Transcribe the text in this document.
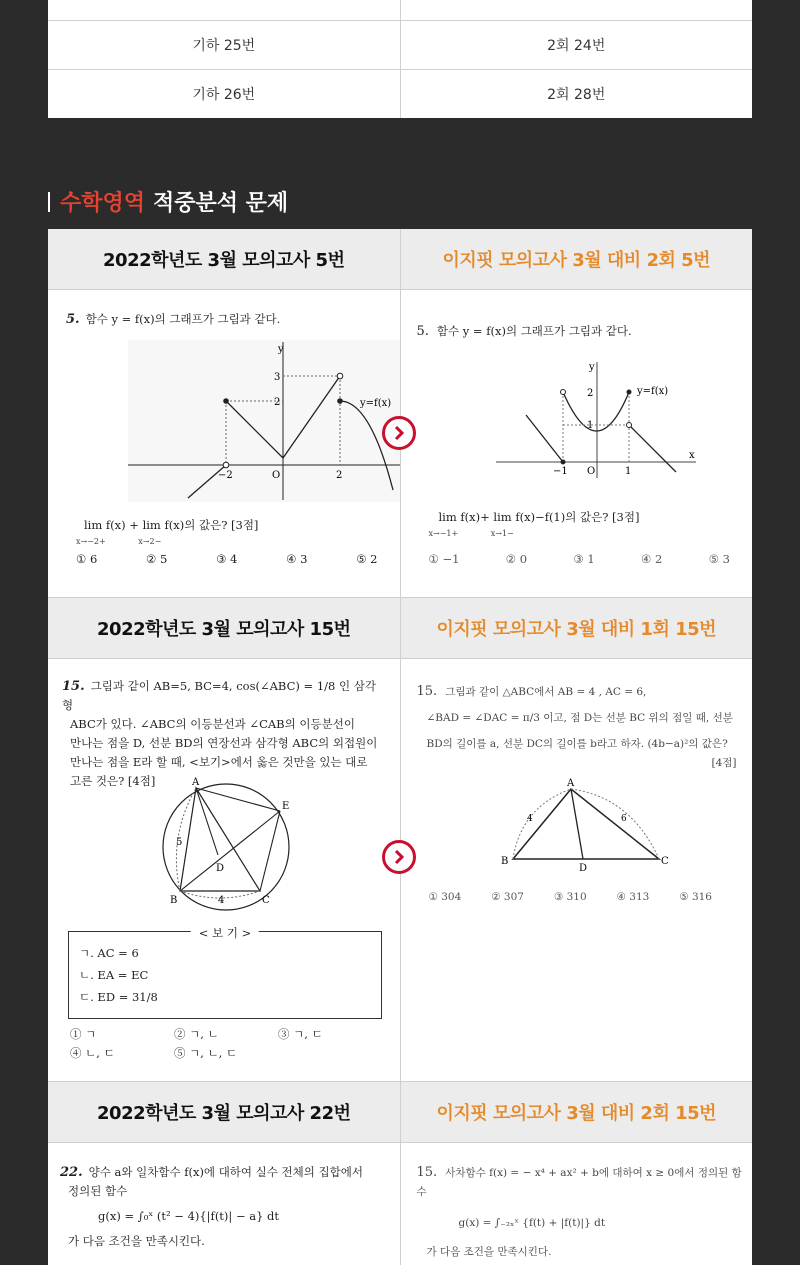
기하 25번	2회 24번
기하 26번	2회 28번
수학영역 적중분석 문제
2022학년도 3월 모의고사 5번	이지핏 모의고사 3월 대비 2회 5번
5. 함수 y = f(x)의 그래프가 그림과 같다.
y
x
3
2
−2	O	2
y=f(x)
lim f(x) + lim f(x)의 값은? [3점]
x→−2+	x→2−
① 6	② 5	③ 4	④ 3	⑤ 2
5. 함수 y = f(x)의 그래프가 그림과 같다.
y
x
2
1
−1 O	1
y=f(x)
lim f(x)+ lim f(x)−f(1)의 값은? [3점]
x→−1+	x→1−
① −1	② 0	③ 1	④ 2	⑤ 3
2022학년도 3월 모의고사 15번	이지핏 모의고사 3월 대비 1회 15번
15. 그림과 같이 AB=5, BC=4, cos(∠ABC) = 1/8 인 삼각형
ABC가 있다. ∠ABC의 이등분선과 ∠CAB의 이등분선이
만나는 점을 D, 선분 BD의 연장선과 삼각형 ABC의 외접원이
만나는 점을 E라 할 때, <보기>에서 옳은 것만을 있는 대로
고른 것은? [4점]	A
E
5
D
B	4	C
< 보 기 >
ㄱ. AC = 6
ㄴ. EA = EC
ㄷ. ED = 31/8
① ㄱ	② ㄱ, ㄴ	③ ㄱ, ㄷ
④ ㄴ, ㄷ	⑤ ㄱ, ㄴ, ㄷ
15. 그림과 같이 △ABC에서 AB = 4 , AC = 6,
∠BAD = ∠DAC = π/3 이고, 점 D는 선분 BC 위의 점일 때, 선분
BD의 길이를 a, 선분 DC의 길이를 b라고 하자. (4b−a)²의 값은?
[4점]
A
4	6
B
D
C
① 304	② 307	③ 310	④ 313	⑤ 316
2022학년도 3월 모의고사 22번	이지핏 모의고사 3월 대비 2회 15번
22. 양수 a와 일차함수 f(x)에 대하여 실수 전체의 집합에서
정의된 함수
g(x) = ∫₀ˣ (t² − 4){|f(t)| − a} dt
가 다음 조건을 만족시킨다.
15. 사차함수 f(x) = − x⁴ + ax² + b에 대하여 x ≥ 0에서 정의된 함수
g(x) = ∫₋₂ₓˣ {f(t) + |f(t)|} dt
가 다음 조건을 만족시킨다.
